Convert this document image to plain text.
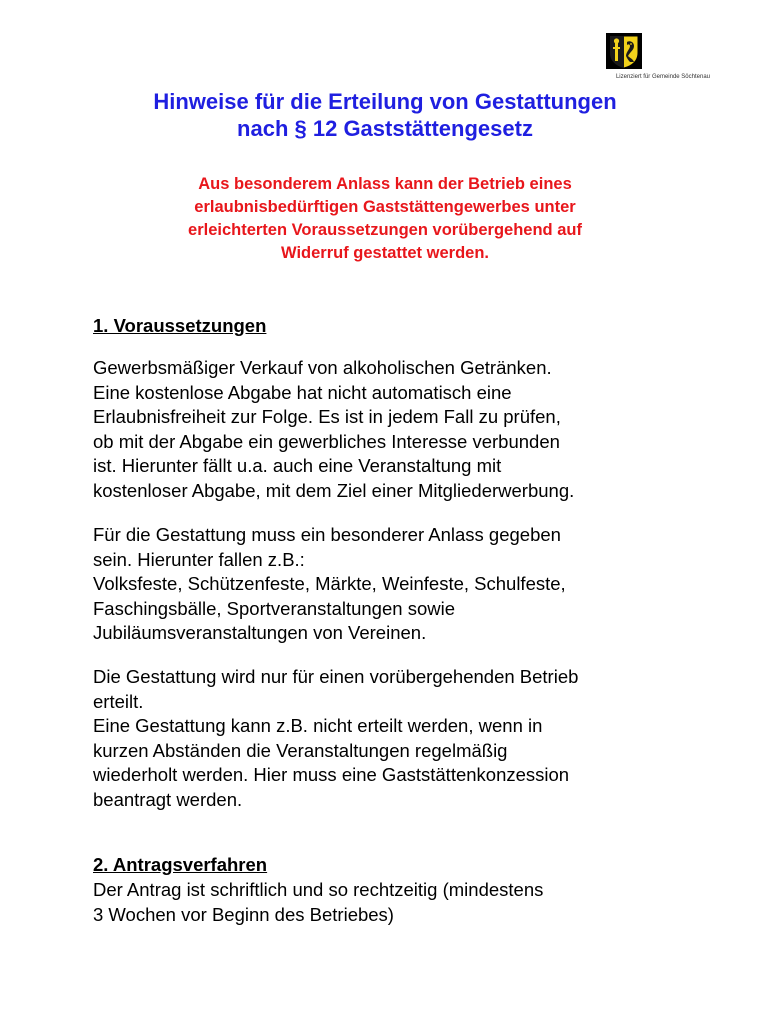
Lizenziert für Gemeinde Söchtenau
Hinweise für die Erteilung von Gestattungen
nach § 12 Gaststättengesetz

Aus besonderem Anlass kann der Betrieb eines
erlaubnisbedürftigen Gaststättengewerbes unter
erleichterten Voraussetzungen vorübergehend auf
Widerruf gestattet werden.

1. Voraussetzungen

Gewerbsmäßiger Verkauf von alkoholischen Getränken.
Eine kostenlose Abgabe hat nicht automatisch eine
Erlaubnisfreiheit zur Folge. Es ist in jedem Fall zu prüfen,
ob mit der Abgabe ein gewerbliches Interesse verbunden
ist. Hierunter fällt u.a. auch eine Veranstaltung mit
kostenloser Abgabe, mit dem Ziel einer Mitgliederwerbung.

Für die Gestattung muss ein besonderer Anlass gegeben
sein. Hierunter fallen z.B.:
Volksfeste, Schützenfeste, Märkte, Weinfeste, Schulfeste,
Faschingsbälle, Sportveranstaltungen sowie
Jubiläumsveranstaltungen von Vereinen.

Die Gestattung wird nur für einen vorübergehenden Betrieb
erteilt.
Eine Gestattung kann z.B. nicht erteilt werden, wenn in
kurzen Abständen die Veranstaltungen regelmäßig
wiederholt werden. Hier muss eine Gaststättenkonzession
beantragt werden.

2. Antragsverfahren

Der Antrag ist schriftlich und so rechtzeitig (mindestens
3 Wochen vor Beginn des Betriebes)
